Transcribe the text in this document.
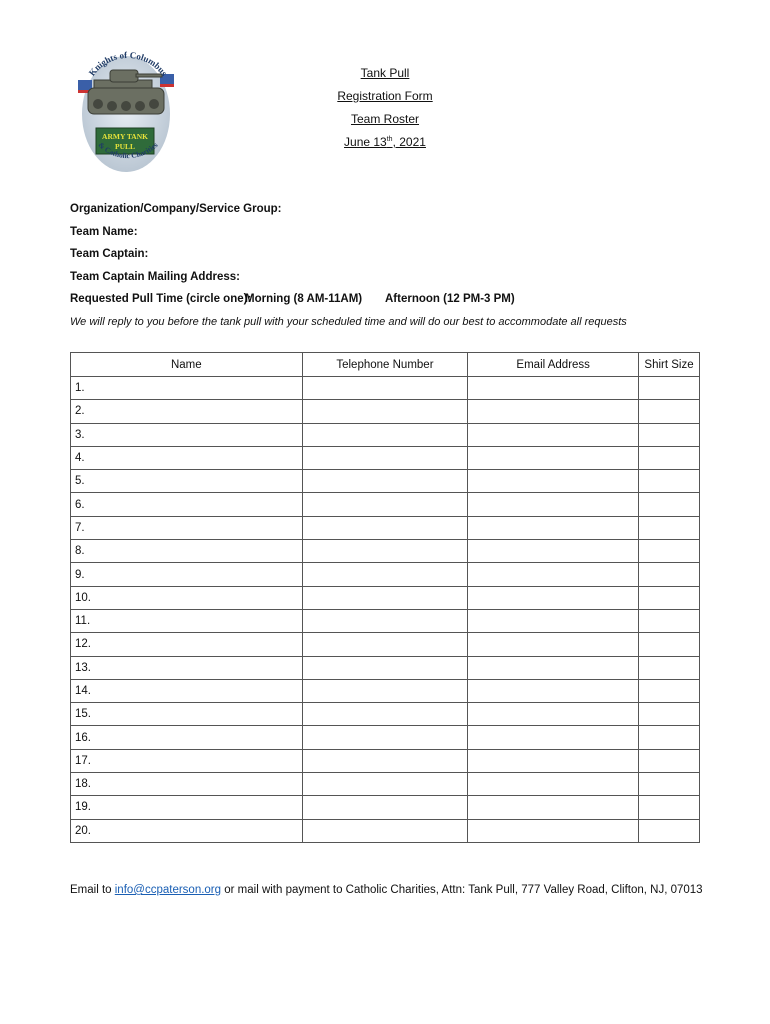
ARMY TANK
PULL
Knights of Columbus
& Catholic Charities
Tank Pull
Registration Form
Team Roster
June 13th, 2021
Organization/Company/Service Group:
Team Name:
Team Captain:
Team Captain Mailing Address:
Requested Pull Time (circle one):
Morning (8 AM-11AM) Afternoon (12 PM-3 PM)
We will reply to you before the tank pull with your scheduled time and will do our best to accommodate all requests
Name	Telephone Number	Email Address	Shirt Size
1.			
2.			
3.			
4.			
5.			
6.			
7.			
8.			
9.			
10.			
11.			
12.			
13.			
14.			
15.			
16.			
17.			
18.			
19.			
20.			
Email to info@ccpaterson.org or mail with payment to Catholic Charities, Attn: Tank Pull, 777 Valley Road, Clifton, NJ, 07013
